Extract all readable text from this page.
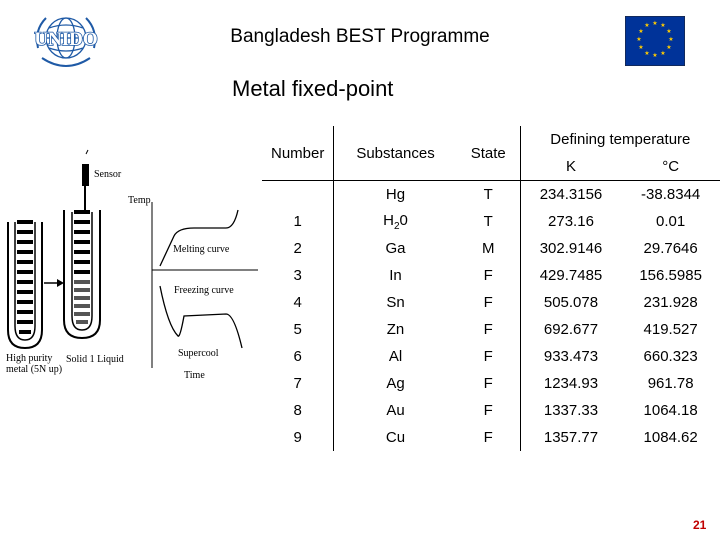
UNIDO	Bangladesh BEST Programme
★ ★
★
★
★
★
★
★
★
★
★
★
Metal fixed-point
Sensor
High purity
metal (5N up)
Solid 1 Liquid
Temp
Melting curve
Freezing curve
Supercool
Time
Number	Substances	State	Defining temperature	
			K	°C

	Hg	T	234.3156	-38.8344
1	$H_20$	T	273.16	0.01
2	Ga	M	302.9146	29.7646
3	In	F	429.7485	156.5985
4	Sn	F	505.078	231.928
5	Zn	F	692.677	419.527
6	Al	F	933.473	660.323
7	Ag	F	1234.93	961.78
8	Au	F	1337.33	1064.18
9	Cu	F	1357.77	1084.62
21
